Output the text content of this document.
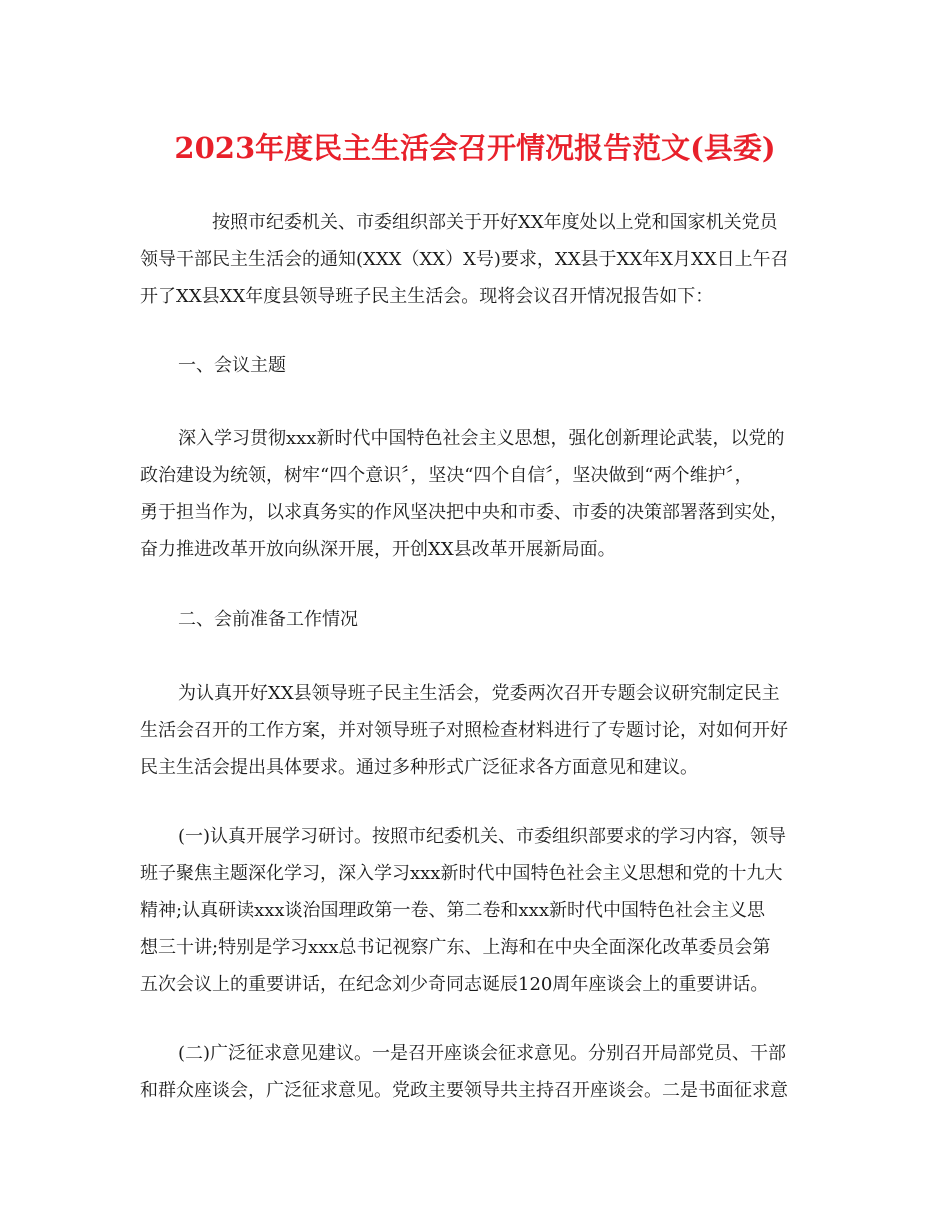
2023年度民主生活会召开情况报告范文(县委)
按照市纪委机关、市委组织部关于开好XX年度处以上党和国家机关党员
领导干部民主生活会的通知(XXX（XX）X号)要求，XX县于XX年X月XX日上午召
开了XX县XX年度县领导班子民主生活会。现将会议召开情况报告如下：
一、会议主题
深入学习贯彻xxx新时代中国特色社会主义思想，强化创新理论武装，以党的
政治建设为统领，树牢“四个意识〞，坚决“四个自信〞，坚决做到“两个维护〞，
勇于担当作为，以求真务实的作风坚决把中央和市委、市委的决策部署落到实处，
奋力推进改革开放向纵深开展，开创XX县改革开展新局面。
二、会前准备工作情况
为认真开好XX县领导班子民主生活会，党委两次召开专题会议研究制定民主
生活会召开的工作方案，并对领导班子对照检查材料进行了专题讨论，对如何开好
民主生活会提出具体要求。通过多种形式广泛征求各方面意见和建议。
(一)认真开展学习研讨。按照市纪委机关、市委组织部要求的学习内容，领导
班子聚焦主题深化学习，深入学习xxx新时代中国特色社会主义思想和党的十九大
精神;认真研读xxx谈治国理政第一卷、第二卷和xxx新时代中国特色社会主义思
想三十讲;特别是学习xxx总书记视察广东、上海和在中央全面深化改革委员会第
五次会议上的重要讲话，在纪念刘少奇同志诞辰120周年座谈会上的重要讲话。
(二)广泛征求意见建议。一是召开座谈会征求意见。分别召开局部党员、干部
和群众座谈会，广泛征求意见。党政主要领导共主持召开座谈会。二是书面征求意
